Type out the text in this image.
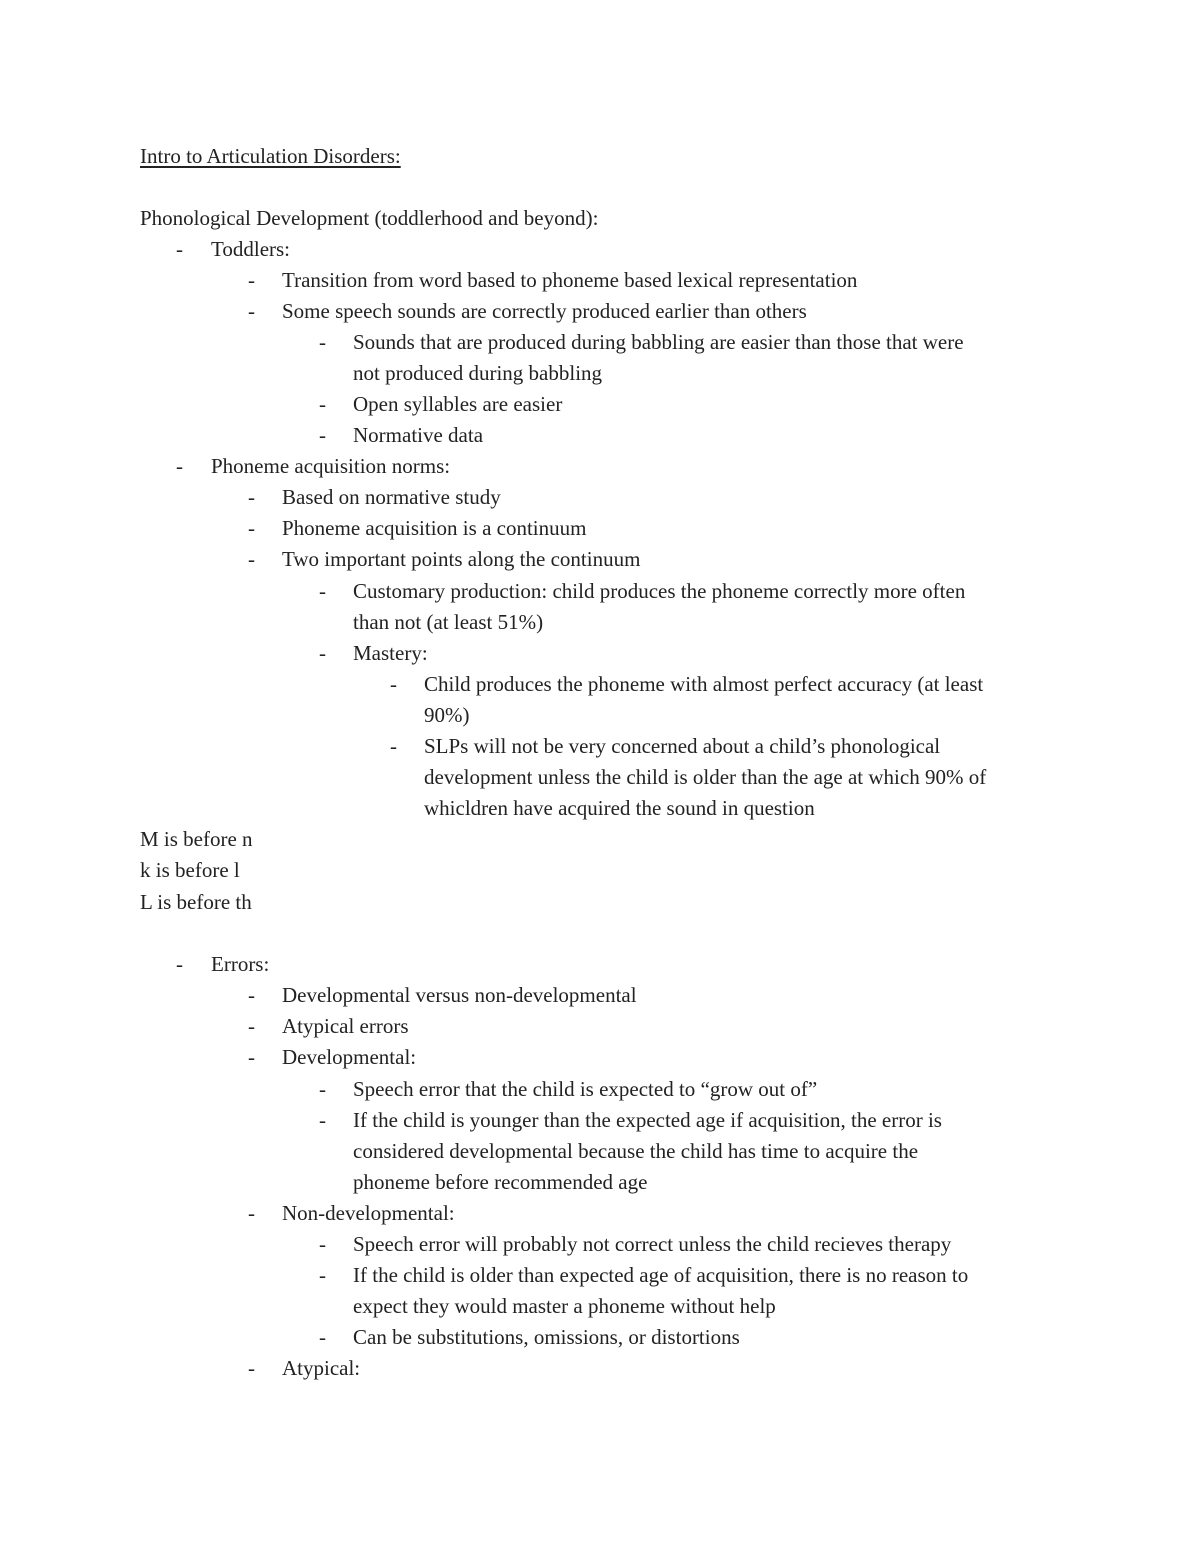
Intro to Articulation Disorders:
Phonological Development (toddlerhood and beyond):
- Toddlers:
- Transition from word based to phoneme based lexical representation
- Some speech sounds are correctly produced earlier than others
- Sounds that are produced during babbling are easier than those that were
not produced during babbling
- Open syllables are easier
- Normative data
- Phoneme acquisition norms:
- Based on normative study
- Phoneme acquisition is a continuum
- Two important points along the continuum
- Customary production: child produces the phoneme correctly more often
than not (at least 51%)
- Mastery:
- Child produces the phoneme with almost perfect accuracy (at least
90%)
- SLPs will not be very concerned about a child’s phonological
development unless the child is older than the age at which 90% of
whicldren have acquired the sound in question
M is before n
k is before l
L is before th
- Errors:
- Developmental versus non-developmental
- Atypical errors
- Developmental:
- Speech error that the child is expected to “grow out of”
- If the child is younger than the expected age if acquisition, the error is
considered developmental because the child has time to acquire the
phoneme before recommended age
- Non-developmental:
- Speech error will probably not correct unless the child recieves therapy
- If the child is older than expected age of acquisition, there is no reason to
expect they would master a phoneme without help
- Can be substitutions, omissions, or distortions
- Atypical:
